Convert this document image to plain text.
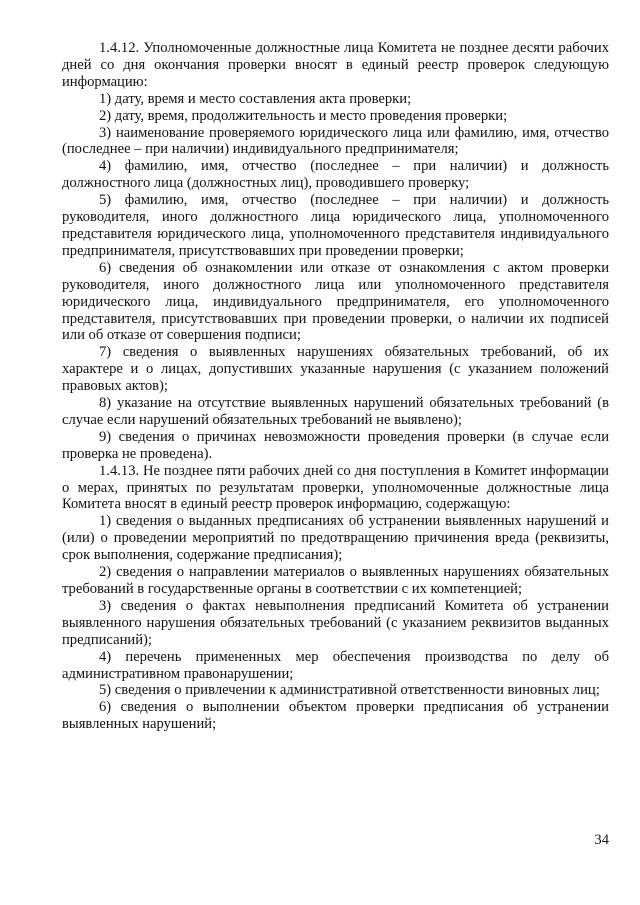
1.4.12. Уполномоченные должностные лица Комитета не позднее десяти рабочих дней со дня окончания проверки вносят в единый реестр проверок следующую информацию:

1) дату, время и место составления акта проверки;

2) дату, время, продолжительность и место проведения проверки;

3) наименование проверяемого юридического лица или фамилию, имя, отчество (последнее – при наличии) индивидуального предпринимателя;

4) фамилию, имя, отчество (последнее – при наличии) и должность должностного лица (должностных лиц), проводившего проверку;

5) фамилию, имя, отчество (последнее – при наличии) и должность руководителя, иного должностного лица юридического лица, уполномоченного представителя юридического лица, уполномоченного представителя индивидуального предпринимателя, присутствовавших при проведении проверки;

6) сведения об ознакомлении или отказе от ознакомления с актом проверки руководителя, иного должностного лица или уполномоченного представителя юридического лица, индивидуального предпринимателя, его уполномоченного представителя, присутствовавших при проведении проверки, о наличии их подписей или об отказе от совершения подписи;

7) сведения о выявленных нарушениях обязательных требований, об их характере и о лицах, допустивших указанные нарушения (с указанием положений правовых актов);

8) указание на отсутствие выявленных нарушений обязательных требований (в случае если нарушений обязательных требований не выявлено);

9) сведения о причинах невозможности проведения проверки (в случае если проверка не проведена).

1.4.13. Не позднее пяти рабочих дней со дня поступления в Комитет информации о мерах, принятых по результатам проверки, уполномоченные должностные лица Комитета вносят в единый реестр проверок информацию, содержащую:

1) сведения о выданных предписаниях об устранении выявленных нарушений и (или) о проведении мероприятий по предотвращению причинения вреда (реквизиты, срок выполнения, содержание предписания);

2) сведения о направлении материалов о выявленных нарушениях обязательных требований в государственные органы в соответствии с их компетенцией;

3) сведения о фактах невыполнения предписаний Комитета об устранении выявленного нарушения обязательных требований (с указанием реквизитов выданных предписаний);

4) перечень примененных мер обеспечения производства по делу об административном правонарушении;

5) сведения о привлечении к административной ответственности виновных лиц;

6) сведения о выполнении объектом проверки предписания об устранении выявленных нарушений;

34
